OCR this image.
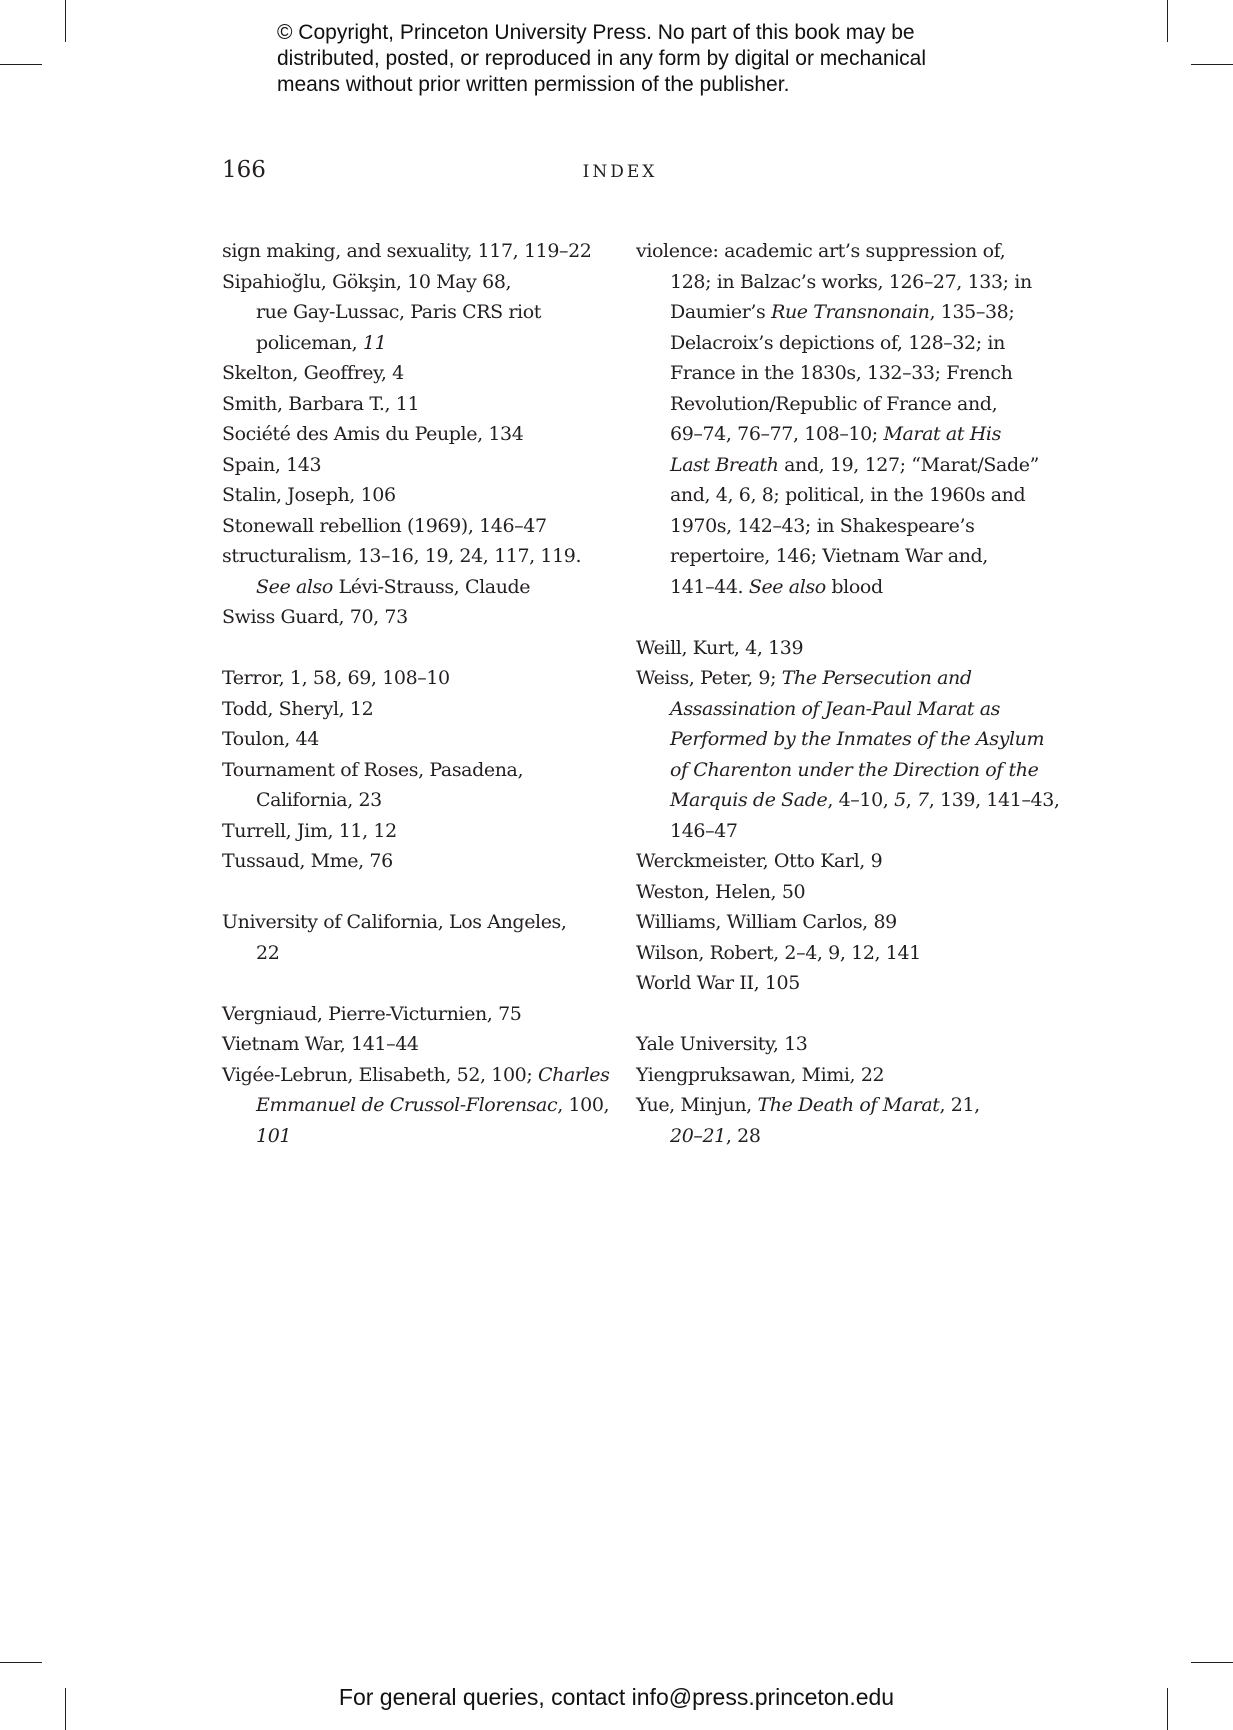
© Copyright, Princeton University Press. No part of this book may be
distributed, posted, or reproduced in any form by digital or mechanical
means without prior written permission of the publisher.
166	INDEX
sign making, and sexuality, 117, 119–22
Sipahioğlu, Gökşin, 10 May 68,
rue Gay-Lussac, Paris CRS riot
policeman, 11
Skelton, Geoffrey, 4
Smith, Barbara T., 11
Société des Amis du Peuple, 134
Spain, 143
Stalin, Joseph, 106
Stonewall rebellion (1969), 146–47
structuralism, 13–16, 19, 24, 117, 119.
See also Lévi-Strauss, Claude
Swiss Guard, 70, 73
Terror, 1, 58, 69, 108–10
Todd, Sheryl, 12
Toulon, 44
Tournament of Roses, Pasadena,
California, 23
Turrell, Jim, 11, 12
Tussaud, Mme, 76
University of California, Los Angeles,
22
Vergniaud, Pierre-Victurnien, 75
Vietnam War, 141–44
Vigée-Lebrun, Elisabeth, 52, 100; Charles
Emmanuel de Crussol-Florensac, 100,
101
violence: academic art’s suppression of,
128; in Balzac’s works, 126–27, 133; in
Daumier’s Rue Transnonain, 135–38;
Delacroix’s depictions of, 128–32; in
France in the 1830s, 132–33; French
Revolution/Republic of France and,
69–74, 76–77, 108–10; Marat at His
Last Breath and, 19, 127; “Marat/Sade”
and, 4, 6, 8; political, in the 1960s and
1970s, 142–43; in Shakespeare’s
repertoire, 146; Vietnam War and,
141–44. See also blood
Weill, Kurt, 4, 139
Weiss, Peter, 9; The Persecution and
Assassination of Jean-Paul Marat as
Performed by the Inmates of the Asylum
of Charenton under the Direction of the
Marquis de Sade, 4–10, 5, 7, 139, 141–43,
146–47
Werckmeister, Otto Karl, 9
Weston, Helen, 50
Williams, William Carlos, 89
Wilson, Robert, 2–4, 9, 12, 141
World War II, 105
Yale University, 13
Yiengpruksawan, Mimi, 22
Yue, Minjun, The Death of Marat, 21,
20–21, 28
For general queries, contact info@press.princeton.edu
